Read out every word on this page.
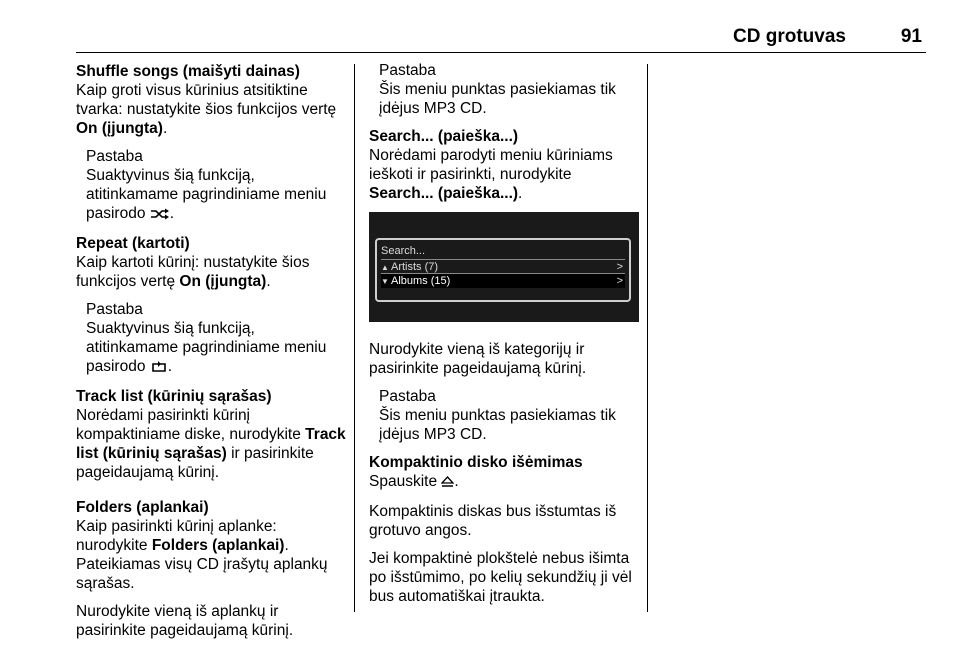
CD grotuvas	91

Shuffle songs (maišyti dainas)
Kaip groti visus kūrinius atsitiktine tvarka: nustatykite šios funkcijos vertę On (įjungta).

Pastaba
Suaktyvinus šią funkciją, atitinkamame pagrindiniame meniu pasirodo .

Repeat (kartoti)
Kaip kartoti kūrinį: nustatykite šios funkcijos vertę On (įjungta).

Pastaba
Suaktyvinus šią funkciją, atitinkamame pagrindiniame meniu pasirodo .

Track list (kūrinių sąrašas)
Norėdami pasirinkti kūrinį kompaktiniame diske, nurodykite Track list (kūrinių sąrašas) ir pasirinkite pageidaujamą kūrinį.

Folders (aplankai)
Kaip pasirinkti kūrinį aplanke: nurodykite Folders (aplankai). Pateikiamas visų CD įrašytų aplankų sąrašas.

Nurodykite vieną iš aplankų ir pasirinkite pageidaujamą kūrinį.

Pastaba
Šis meniu punktas pasiekiamas tik įdėjus MP3 CD.

Search... (paieška...)
Norėdami parodyti meniu kūriniams ieškoti ir pasirinkti, nurodykite Search... (paieška...).

Search...
▲ Artists (7)	>
▼ Albums (15)	>

Nurodykite vieną iš kategorijų ir pasirinkite pageidaujamą kūrinį.

Pastaba
Šis meniu punktas pasiekiamas tik įdėjus MP3 CD.

Kompaktinio disko išėmimas
Spauskite .

Kompaktinis diskas bus išstumtas iš grotuvo angos.

Jei kompaktinė plokštelė nebus išimta po išstūmimo, po kelių sekundžių ji vėl bus automatiškai įtraukta.
